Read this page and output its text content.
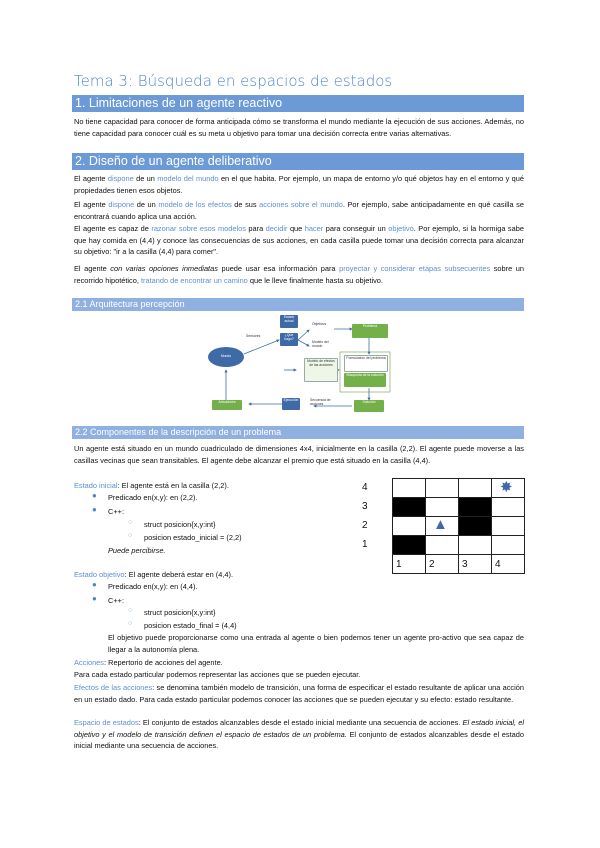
Tema 3: Búsqueda en espacios de estados
1. Limitaciones de un agente reactivo
No tiene capacidad para conocer de forma anticipada cómo se transforma el mundo mediante la ejecución de sus acciones. Además, no tiene capacidad para conocer cuál es su meta u objetivo para tomar una decisión correcta entre varias alternativas.
2. Diseño de un agente deliberativo
El agente dispone de un modelo del mundo en el que habita. Por ejemplo, un mapa de entorno y/o qué objetos hay en el entorno y qué propiedades tienen esos objetos.
El agente dispone de un modelo de los efectos de sus acciones sobre el mundo. Por ejemplo, sabe anticipadamente en qué casilla se encontrará cuando aplica una acción.
El agente es capaz de razonar sobre esos modelos para decidir que hacer para conseguir un objetivo. Por ejemplo, si la hormiga sabe que hay comida en (4,4) y conoce las consecuencias de sus acciones, en cada casilla puede tomar una decisión correcta para alcanzar su objetivo: "ir a la casilla (4,4) para comer".
El agente con varias opciones inmediatas puede usar esa información para proyectar y considerar etapas subsecuentes sobre un recorrido hipotético, tratando de encontrar un camino que le lleve finalmente hasta su objetivo.
2.1 Arquitectura percepción
Mundo
Sensores
Estado actual
¿Qué hago?
Objetivos
Modelo del mundo
Problema
Formulación del problema
Búsqueda de la solución
Solución
Modelo de efectos de las acciones
Ejecución	Secuencia de acciones
Actuadores
2.2 Componentes de la descripción de un problema
Un agente está situado en un mundo cuadriculado de dimensiones 4x4, inicialmente en la casilla (2,2). El agente puede moverse a las casillas vecinas que sean transitables. El agente debe alcanzar el premio que está situado en la casilla (4,4).
Estado inicial: El agente está en la casilla (2,2).
● Predicado en(x,y): en (2,2).
● C++:
○ struct posicion{x,y:int}
○ posicion estado_inicial = (2,2)
Puede percibirse.
Estado objetivo: El agente deberá estar en (4,4).
● Predicado en(x,y): en (4,4).
● C++:
○ struct posicion{x,y:int}
○ posicion estado_final = (4,4)
El objetivo puede proporcionarse como una entrada al agente o bien podemos tener un agente pro-activo que sea capaz de llegar a la autonomía plena.
Acciones: Repertorio de acciones del agente.
Para cada estado particular podemos representar las acciones que se pueden ejecutar.
Efectos de las acciones: se denomina también modelo de transición, una forma de especificar el estado resultante de aplicar una acción en un estado dado. Para cada estado particular podemos conocer las acciones que se pueden ejecutar y su efecto: estado resultante.
Espacio de estados: El conjunto de estados alcanzables desde el estado inicial mediante una secuencia de acciones. El estado inicial, el objetivo y el modelo de transición definen el espacio de estados de un problema. El conjunto de estados alcanzables desde el estado inicial mediante una secuencia de acciones.
4
3
2
1
1	2	3	4
▲
✸
